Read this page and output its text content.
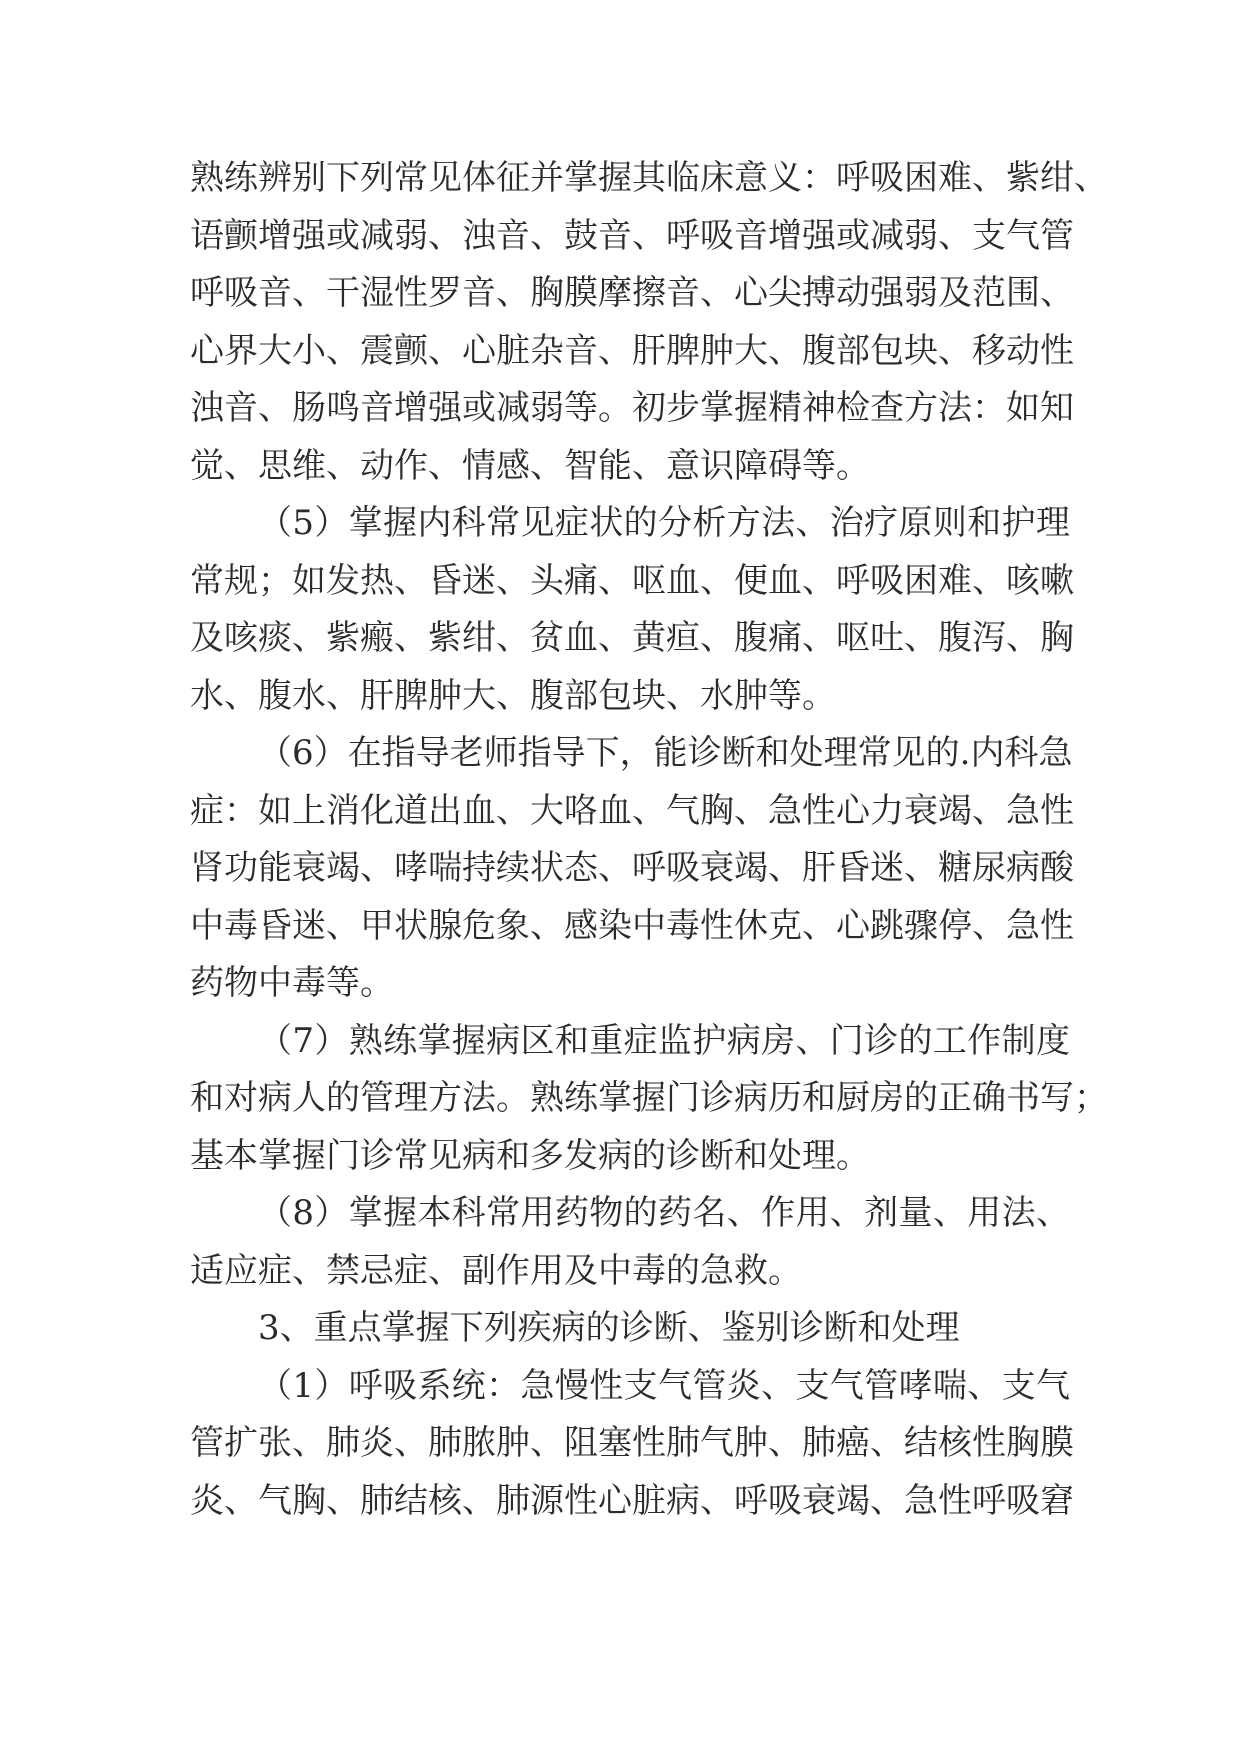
熟练辨别下列常见体征并掌握其临床意义：呼吸困难、紫绀、
语颤增强或减弱、浊音、鼓音、呼吸音增强或减弱、支气管
呼吸音、干湿性罗音、胸膜摩擦音、心尖搏动强弱及范围、
心界大小、震颤、心脏杂音、肝脾肿大、腹部包块、移动性
浊音、肠鸣音增强或减弱等。初步掌握精神检查方法：如知
觉、思维、动作、情感、智能、意识障碍等。
（5）掌握内科常见症状的分析方法、治疗原则和护理
常规；如发热、昏迷、头痛、呕血、便血、呼吸困难、咳嗽
及咳痰、紫瘢、紫绀、贫血、黄疸、腹痛、呕吐、腹泻、胸
水、腹水、肝脾肿大、腹部包块、水肿等。
（6）在指导老师指导下，能诊断和处理常见的.内科急
症：如上消化道出血、大咯血、气胸、急性心力衰竭、急性
肾功能衰竭、哮喘持续状态、呼吸衰竭、肝昏迷、糖尿病酸
中毒昏迷、甲状腺危象、感染中毒性休克、心跳骤停、急性
药物中毒等。
（7）熟练掌握病区和重症监护病房、门诊的工作制度
和对病人的管理方法。熟练掌握门诊病历和厨房的正确书写；
基本掌握门诊常见病和多发病的诊断和处理。
（8）掌握本科常用药物的药名、作用、剂量、用法、
适应症、禁忌症、副作用及中毒的急救。
3、重点掌握下列疾病的诊断、鉴别诊断和处理
（1）呼吸系统：急慢性支气管炎、支气管哮喘、支气
管扩张、肺炎、肺脓肿、阻塞性肺气肿、肺癌、结核性胸膜
炎、气胸、肺结核、肺源性心脏病、呼吸衰竭、急性呼吸窘
